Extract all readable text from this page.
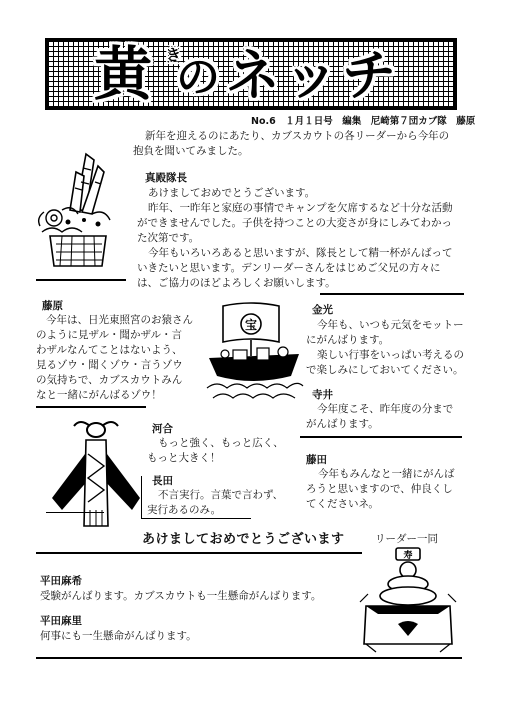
黄 き
の ネッチ
No.6　１月１日号　編集　尼崎第７団カブ隊　藤原
新年を迎えるのにあたり、カブスカウトの各リーダーから今年の
抱負を聞いてみました。
真殿隊長
あけましておめでとうございます。
昨年、一昨年と家庭の事情でキャンプを欠席するなど十分な活動
ができませんでした。子供を持つことの大変さが身にしみてわかっ
た次第です。
今年もいろいろあると思いますが、隊長として精一杯がんばって
いきたいと思います。デンリーダーさんをはじめご父兄の方々に
は、ご協力のほどよろしくお願いします。
藤原
今年は、日光東照宮のお猿さん
のように見ザル・聞かザル・言
わザルなんてことはないよう、
見るゾウ・聞くゾウ・言うゾウ
の気持ちで、カブスカウトみん
なと一緒にがんばるゾウ！
宝
金光
今年も、いつも元気をモットー
にがんばります。
楽しい行事をいっぱい考えるの
で楽しみにしておいてください。
寺井
今年度こそ、昨年度の分まで
がんばります。
河合
もっと強く、もっと広く、
もっと大きく！	藤田
今年もみんなと一緒にがんば
ろうと思いますので、仲良くし
てくださいネ。
長田
不言実行。言葉で言わず、
実行あるのみ。
あけましておめでとうございます	リーダー一同
寿
平田麻希
受験がんばります。カブスカウトも一生懸命がんばります。
平田麻里
何事にも一生懸命がんばります。
